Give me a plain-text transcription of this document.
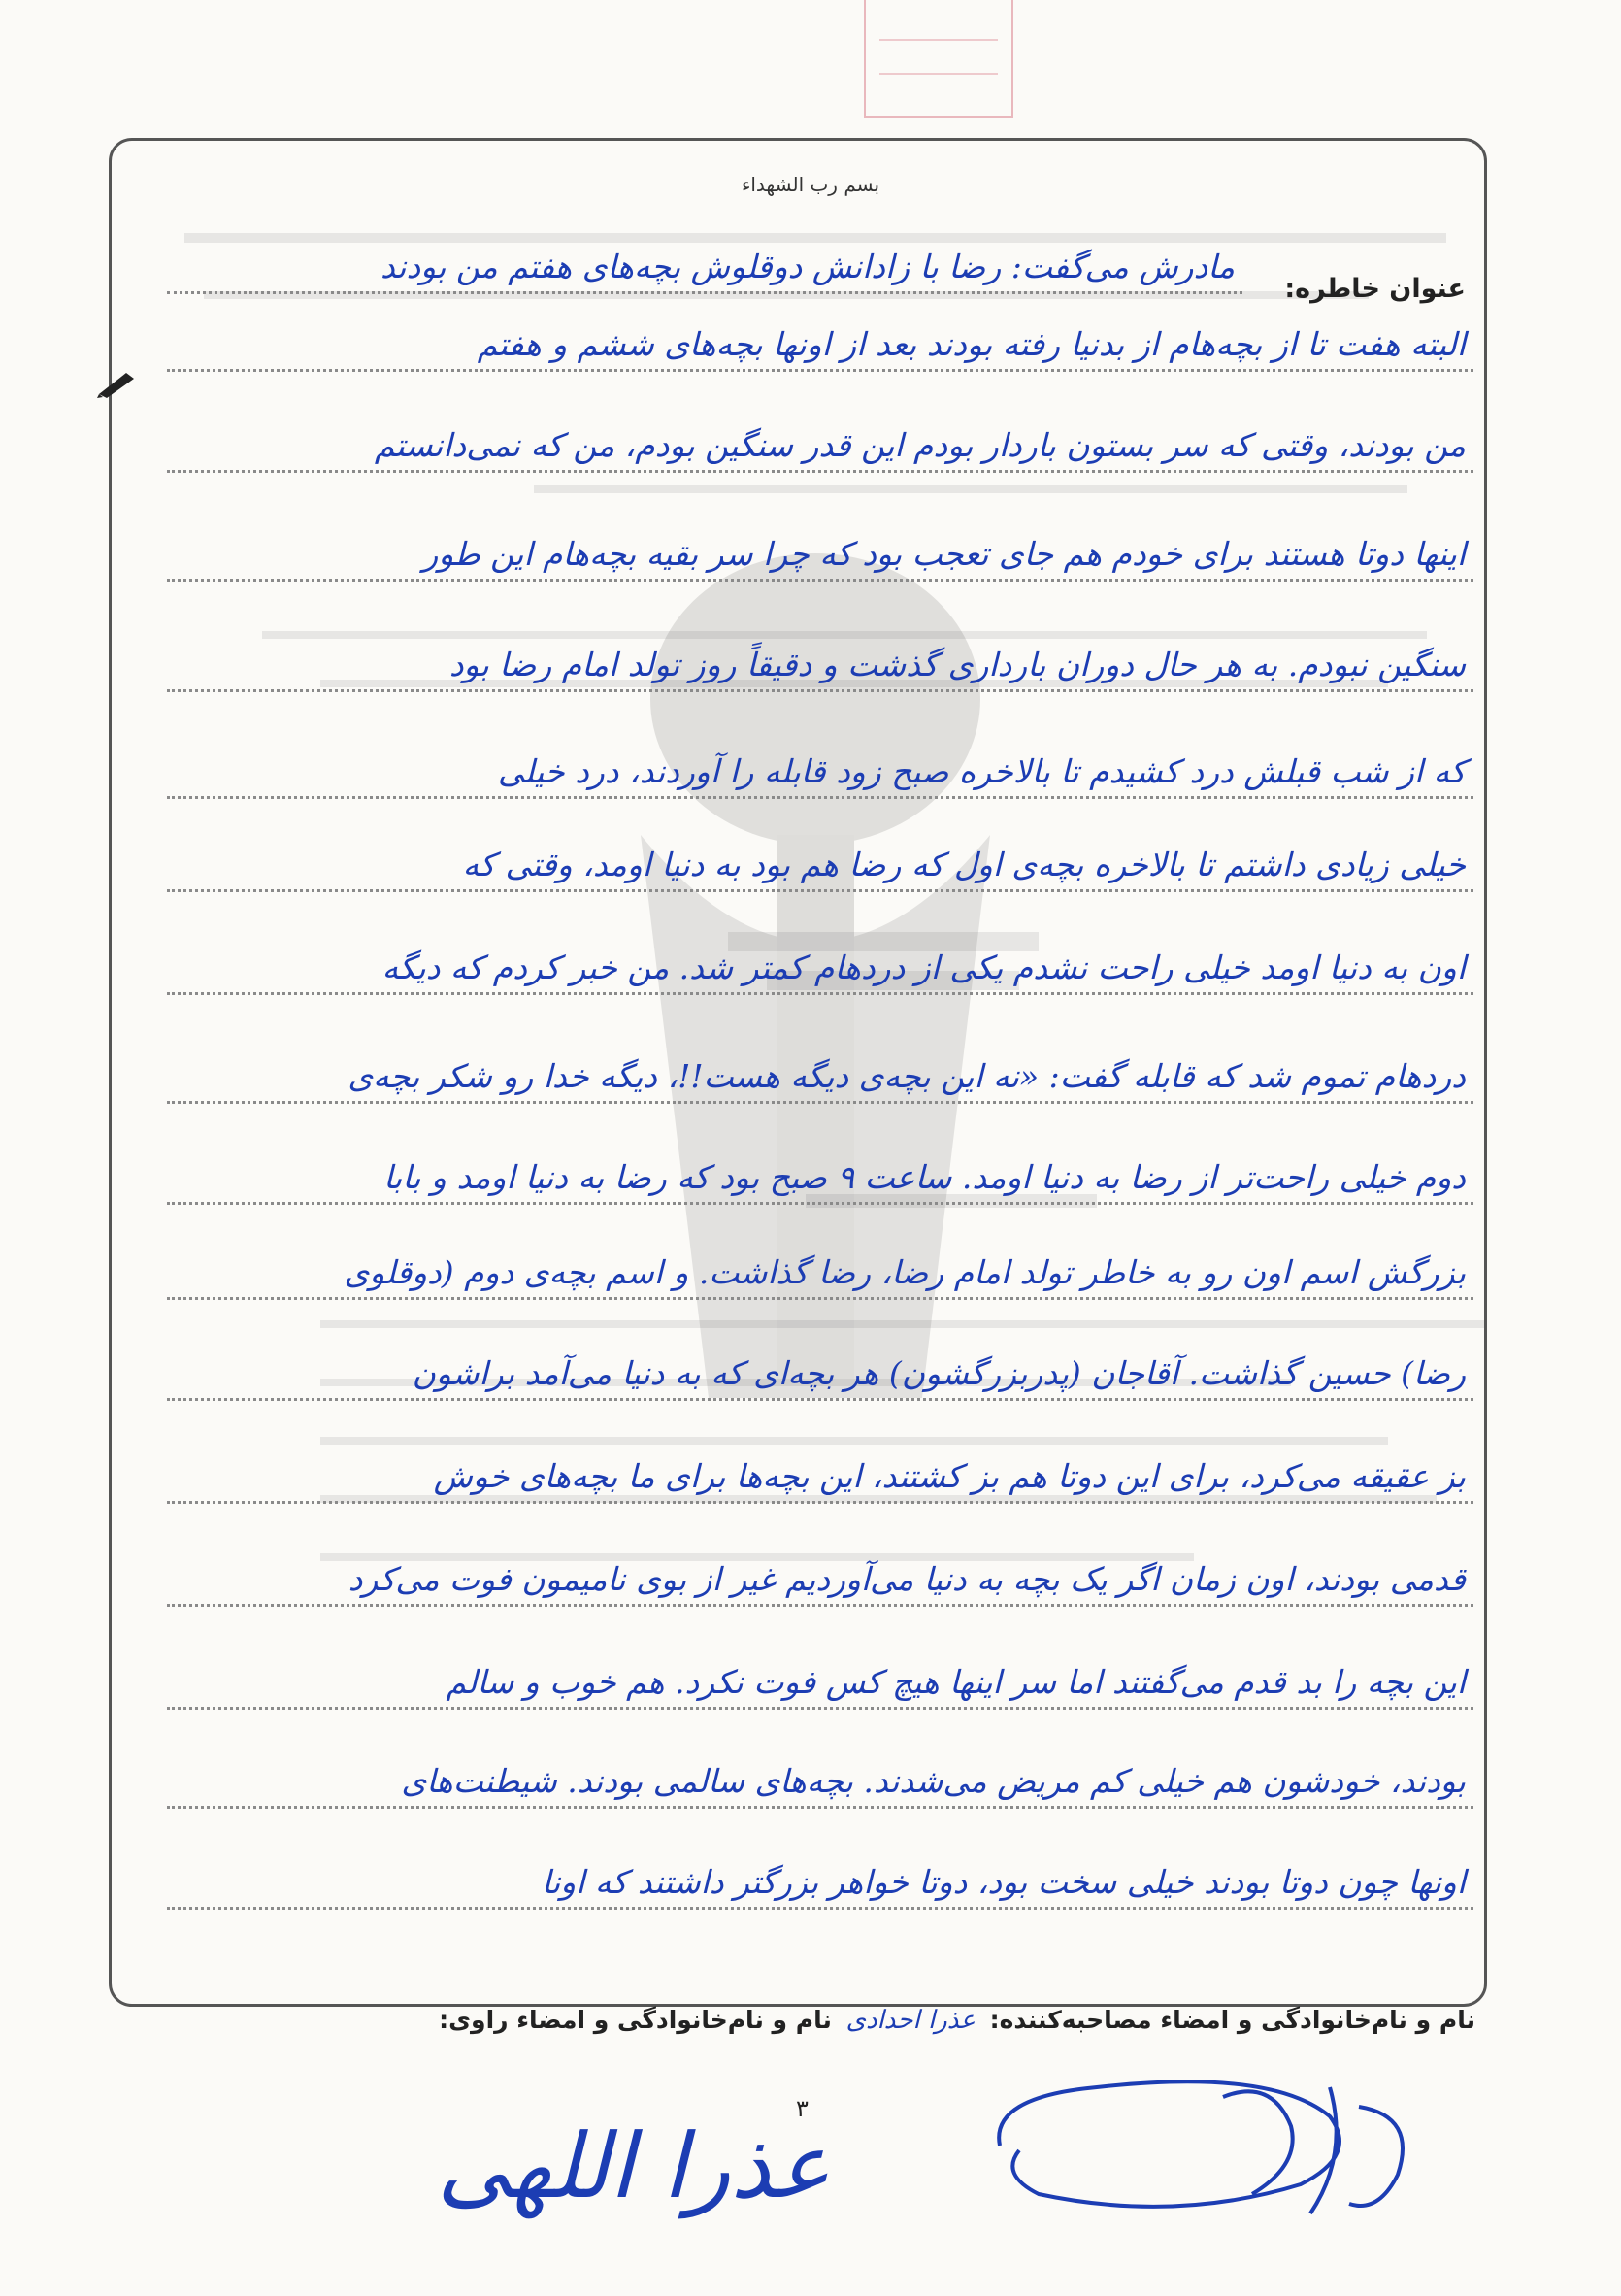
بسم رب الشهداء
عنوان خاطره:
مادرش می‌گفت: رضا با زادانش دوقلوش بچه‌های هفتم من بودند
البته هفت تا از بچه‌هام از بدنیا رفته بودند بعد از اونها بچه‌های ششم و هفتم
من بودند، وقتی که سر بستون باردار بودم این قدر سنگین بودم، من که نمی‌دانستم
اینها دوتا هستند برای خودم هم جای تعجب بود که چرا سر بقیه بچه‌هام این طور
سنگین نبودم. به هر حال دوران بارداری گذشت و دقیقاً روز تولد امام رضا بود
که از شب قبلش درد کشیدم تا بالاخره صبح زود قابله را آوردند، درد خیلی
خیلی زیادی داشتم تا بالاخره بچه‌ی اول که رضا هم بود به دنیا اومد، وقتی که
اون به دنیا اومد خیلی راحت نشدم یکی از دردهام کمتر شد. من خبر کردم که دیگه
دردهام تموم شد که قابله گفت: «نه این بچه‌ی دیگه هست!!، دیگه خدا رو شکر بچه‌ی
دوم خیلی راحت‌تر از رضا به دنیا اومد. ساعت ۹ صبح بود که رضا به دنیا اومد و بابا
بزرگش اسم اون رو به خاطر تولد امام رضا، رضا گذاشت. و اسم بچه‌ی دوم (دوقلوی
رضا) حسین گذاشت. آقاجان (پدربزرگشون) هر بچه‌ای که به دنیا می‌آمد براشون
بز عقیقه می‌کرد، برای این دوتا هم بز کشتند، این بچه‌ها برای ما بچه‌های خوش
قدمی بودند، اون زمان اگر یک بچه به دنیا می‌آوردیم غیر از بوی نامیمون فوت می‌کرد
این بچه را بد قدم می‌گفتند اما سر اینها هیچ کس فوت نکرد. هم خوب و سالم
بودند، خودشون هم خیلی کم مریض می‌شدند. بچه‌های سالمی بودند. شیطنت‌های
اونها چون دوتا بودند خیلی سخت بود، دوتا خواهر بزرگتر داشتند که اونا
نام و نام‌خانوادگی و امضاء مصاحبه‌کننده: عذرا احدادی نام و نام‌خانوادگی و امضاء راوی:
۳
عذرا اللهی
